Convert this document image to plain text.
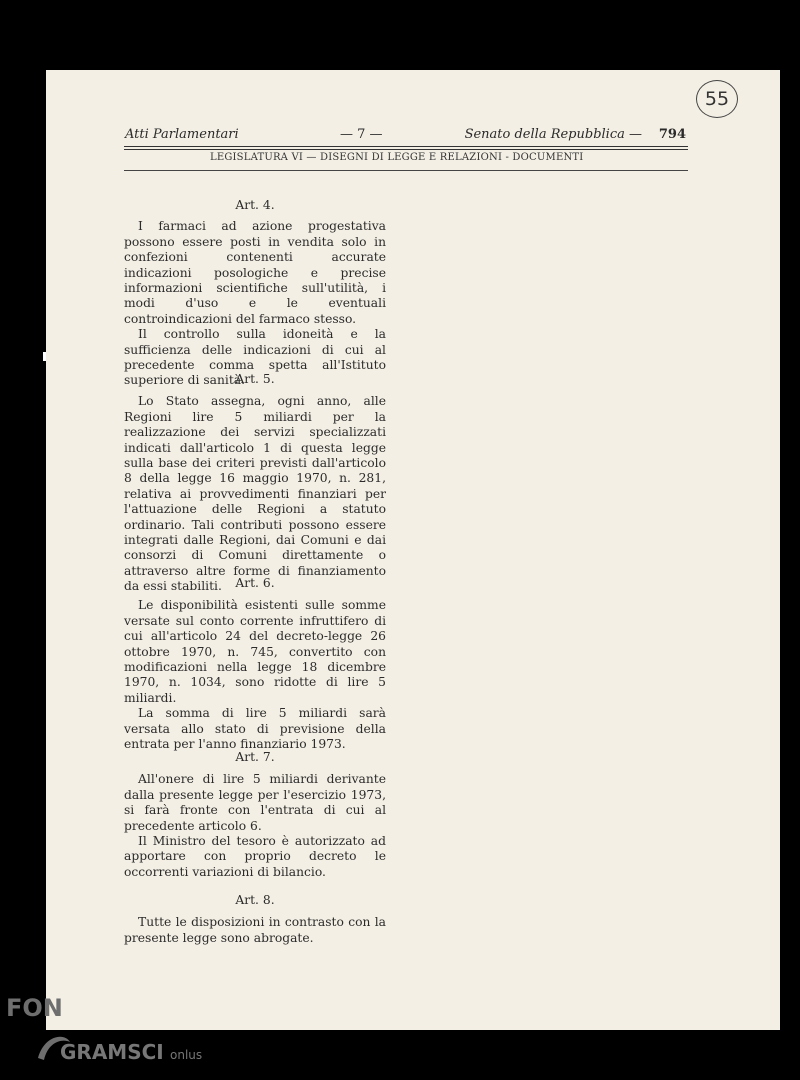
Atti Parlamentari	— 7 —	Senato della Repubblica — 794
LEGISLATURA VI — DISEGNI DI LEGGE E RELAZIONI - DOCUMENTI

Art. 4.

I farmaci ad azione progestativa possono essere posti in vendita solo in confezioni contenenti accurate indicazioni posologiche e precise informazioni scientifiche sull'utilità, i modi d'uso e le eventuali controindicazioni del farmaco stesso.

Il controllo sulla idoneità e la sufficienza delle indicazioni di cui al precedente comma spetta all'Istituto superiore di sanità.

Art. 5.

Lo Stato assegna, ogni anno, alle Regioni lire 5 miliardi per la realizzazione dei servizi specializzati indicati dall'articolo 1 di questa legge sulla base dei criteri previsti dall'articolo 8 della legge 16 maggio 1970, n. 281, relativa ai provvedimenti finanziari per l'attuazione delle Regioni a statuto ordinario. Tali contributi possono essere integrati dalle Regioni, dai Comuni e dai consorzi di Comuni direttamente o attraverso altre forme di finanziamento da essi stabiliti.	Art. 6.

Le disponibilità esistenti sulle somme versate sul conto corrente infruttifero di cui all'articolo 24 del decreto-legge 26 ottobre 1970, n. 745, convertito con modificazioni nella legge 18 dicembre 1970, n. 1034, sono ridotte di lire 5 miliardi.

La somma di lire 5 miliardi sarà versata allo stato di previsione della entrata per l'anno finanziario 1973.

Art. 7.

All'onere di lire 5 miliardi derivante dalla presente legge per l'esercizio 1973, si farà fronte con l'entrata di cui al precedente articolo 6.

Il Ministro del tesoro è autorizzato ad apportare con proprio decreto le occorrenti variazioni di bilancio.

Art. 8.

Tutte le disposizioni in contrasto con la presente legge sono abrogate.

55
FON
GRAMSCI onlus
